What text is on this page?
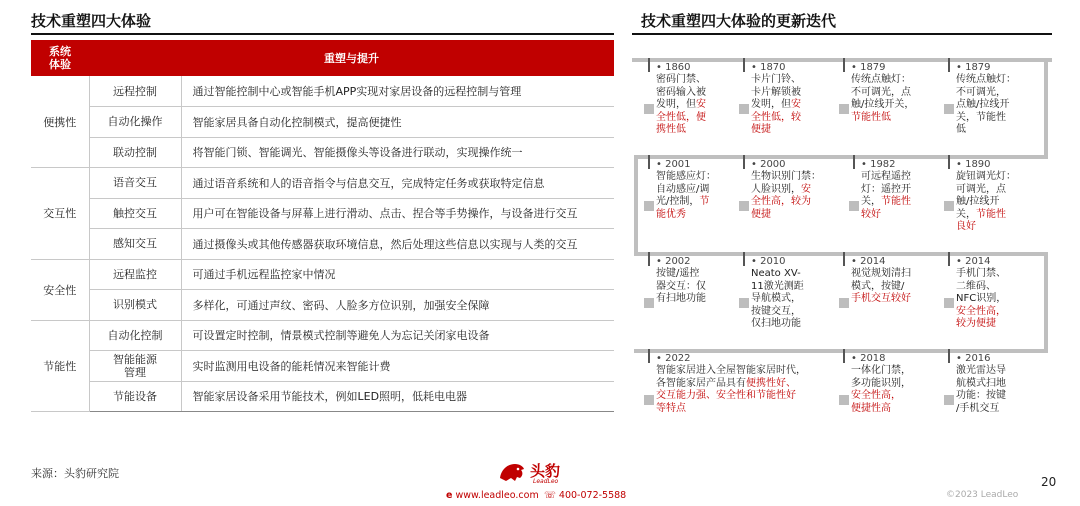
技术重塑四大体验
系统
体验	重塑与提升	
便携性	远程控制	通过智能控制中心或智能手机APP实现对家居设备的远程控制与管理
	自动化操作	智能家居具备自动化控制模式，提高便捷性
	联动控制	将智能门锁、智能调光、智能摄像头等设备进行联动，实现操作统一
交互性	语音交互	通过语音系统和人的语音指令与信息交互，完成特定任务或获取特定信息
	触控交互	用户可在智能设备与屏幕上进行滑动、点击、捏合等手势操作，与设备进行交互
	感知交互	通过摄像头或其他传感器获取环境信息，然后处理这些信息以实现与人类的交互
安全性	远程监控	可通过手机远程监控家中情况
	识别模式	多样化，可通过声纹、密码、人脸多方位识别，加强安全保障
节能性	自动化控制	可设置定时控制，情景模式控制等避免人为忘记关闭家电设备
	智能能源
管理	实时监测用电设备的能耗情况来智能计费
	节能设备	智能家居设备采用节能技术，例如LED照明，低耗电电器
来源：头豹研究院
技术重塑四大体验的更新迭代
• 1860
密码门禁、
密码输入被
发明，但安
全性低，便
携性低
• 1870
卡片门铃、
卡片解锁被
发明，但安
全性低，较
便捷
• 1879
传统点触灯：
不可调光，点
触/拉线开关，
节能性低
• 1879
传统点触灯：
不可调光，
点触/拉线开
关，节能性
低
• 2001
智能感应灯：
自动感应/调
光/控制，节
能优秀
• 2000
生物识别门禁：
人脸识别，安
全性高，较为
便捷
• 1982
可远程遥控
灯：遥控开
关，节能性
较好
• 1890
旋钮调光灯：
可调光，点
触/拉线开
关，节能性
良好
• 2002
按键/遥控
器交互：仅
有扫地功能
• 2010
Neato XV-
11激光测距
导航模式，
按键交互，
仅扫地功能
• 2014
视觉规划清扫
模式，按键/
手机交互较好
• 2014
手机门禁、
二维码、
NFC识别，
安全性高，
较为便捷
• 2022
智能家居进入全屋智能家居时代，
各智能家居产品具有便携性好、
交互能力强、安全性和节能性好
等特点
• 2018
一体化门禁，
多功能识别，
安全性高，
便捷性高
• 2016
激光雷达导
航模式扫地
功能：按键
/手机交互
头豹
LeadLeo
e www.leadleo.com ☏ 400-072-5588
20
©2023 LeadLeo
